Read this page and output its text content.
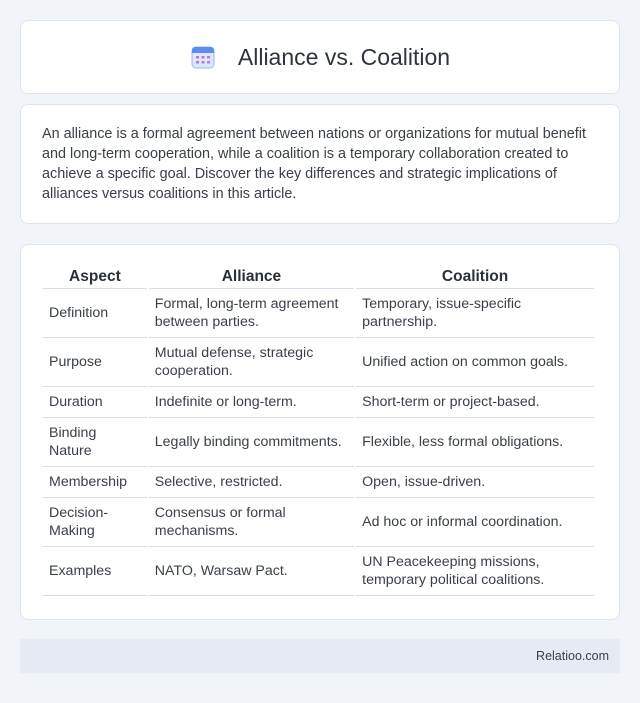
Alliance vs. Coalition

An alliance is a formal agreement between nations or organizations for mutual benefit and long-term cooperation, while a coalition is a temporary collaboration created to achieve a specific goal. Discover the key differences and strategic implications of alliances versus coalitions in this article.

Aspect	Alliance	Coalition
Definition	Formal, long-term agreement between parties.	Temporary, issue-specific partnership.
Purpose	Mutual defense, strategic cooperation.	Unified action on common goals.
Duration	Indefinite or long-term.	Short-term or project-based.
Binding Nature	Legally binding commitments.	Flexible, less formal obligations.
Membership	Selective, restricted.	Open, issue-driven.
Decision-Making	Consensus or formal mechanisms.	Ad hoc or informal coordination.
Examples	NATO, Warsaw Pact.	UN Peacekeeping missions, temporary political coalitions.
Relatioo.com
